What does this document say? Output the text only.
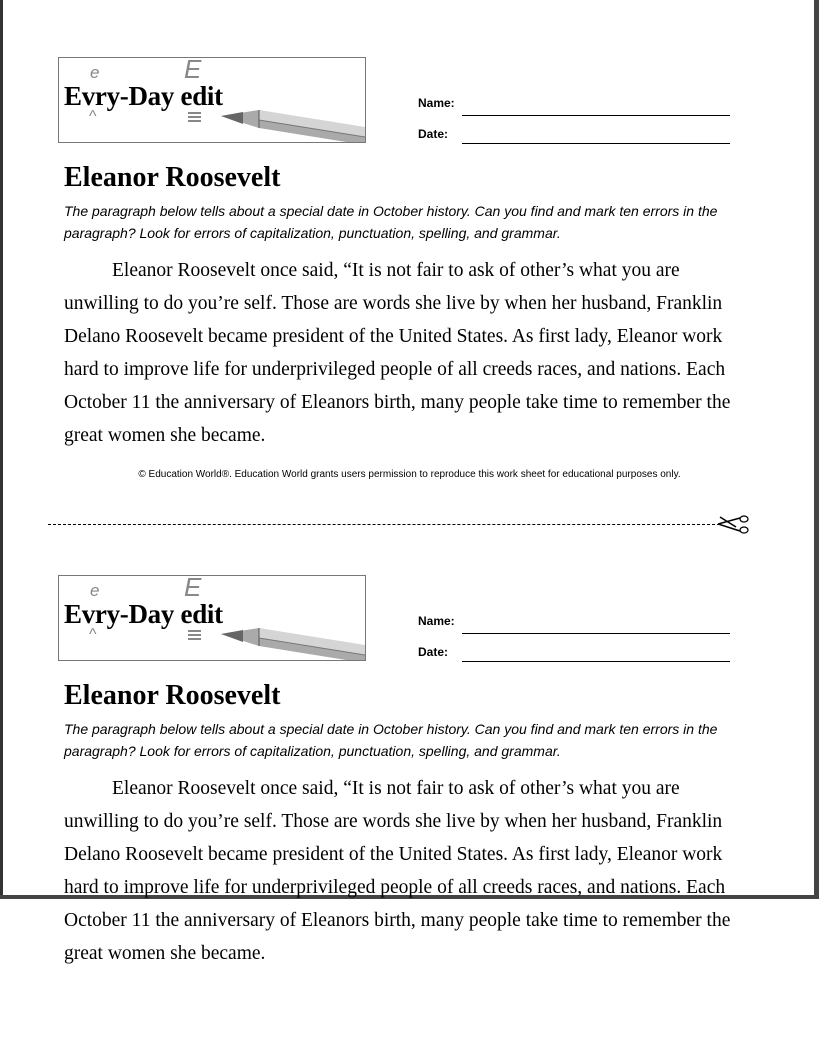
e	E
Evry-Day edit
^
Name:
Date:
Eleanor Roosevelt
The paragraph below tells about a special date in October history. Can you find and mark ten errors in the paragraph? Look for errors of capitalization, punctuation, spelling, and grammar.
Eleanor Roosevelt once said, “It is not fair to ask of other’s what you are unwilling to do you’re self. Those are words she live by when her husband, Franklin Delano Roosevelt became president of the United States. As first lady, Eleanor work hard to improve life for underprivileged people of all creeds races, and nations. Each October 11 the anniversary of Eleanors birth, many people take time to remember the great women she became.
© Education World®. Education World grants users permission to reproduce this work sheet for educational purposes only.
e	E
Evry-Day edit
^
Name:
Date:
Eleanor Roosevelt
The paragraph below tells about a special date in October history. Can you find and mark ten errors in the paragraph? Look for errors of capitalization, punctuation, spelling, and grammar.
Eleanor Roosevelt once said, “It is not fair to ask of other’s what you are unwilling to do you’re self. Those are words she live by when her husband, Franklin Delano Roosevelt became president of the United States. As first lady, Eleanor work hard to improve life for underprivileged people of all creeds races, and nations. Each October 11 the anniversary of Eleanors birth, many people take time to remember the great women she became.
